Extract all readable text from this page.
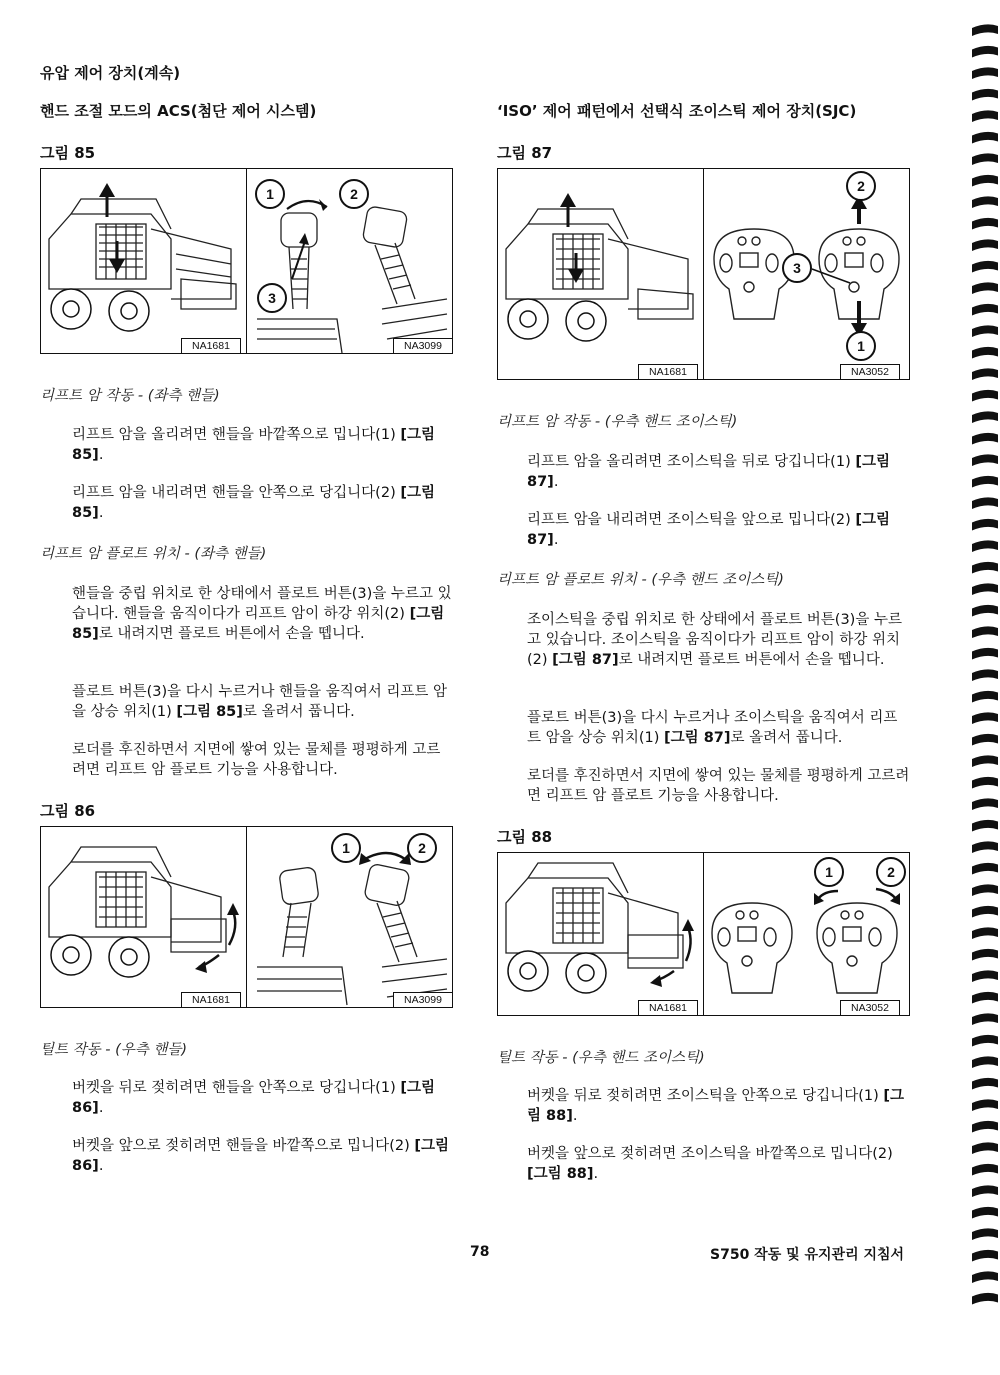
유압 제어 장치(계속)
핸드 조절 모드의 ACS(첨단 제어 시스템)	‘ISO’ 제어 패턴에서 선택식 조이스틱 제어 장치(SJC)
그림 85
NA1681
1	2
3
NA3099
리프트 암 작동 - (좌측 핸들)
리프트 암을 올리려면 핸들을 바깥쪽으로 밉니다(1) [그림 85].
리프트 암을 내리려면 핸들을 안쪽으로 당깁니다(2) [그림 85].
리프트 암 플로트 위치 - (좌측 핸들)
핸들을 중립 위치로 한 상태에서 플로트 버튼(3)을 누르고 있습니다. 핸들을 움직이다가 리프트 암이 하강 위치(2) [그림 85]로 내려지면 플로트 버튼에서 손을 뗍니다.
플로트 버튼(3)을 다시 누르거나 핸들을 움직여서 리프트 암을 상승 위치(1) [그림 85]로 올려서 풉니다.
로더를 후진하면서 지면에 쌓여 있는 물체를 평평하게 고르려면 리프트 암 플로트 기능을 사용합니다.
그림 86
NA1681
1	2
NA3099
틸트 작동 - (우측 핸들)
버켓을 뒤로 젖히려면 핸들을 안쪽으로 당깁니다(1) [그림 86].
버켓을 앞으로 젖히려면 핸들을 바깥쪽으로 밉니다(2) [그림 86].
그림 87
NA1681
2
3
1
NA3052
리프트 암 작동 - (우측 핸드 조이스틱)
리프트 암을 올리려면 조이스틱을 뒤로 당깁니다(1) [그림 87].
리프트 암을 내리려면 조이스틱을 앞으로 밉니다(2) [그림 87].
리프트 암 플로트 위치 - (우측 핸드 조이스틱)
조이스틱을 중립 위치로 한 상태에서 플로트 버튼(3)을 누르고 있습니다. 조이스틱을 움직이다가 리프트 암이 하강 위치(2) [그림 87]로 내려지면 플로트 버튼에서 손을 뗍니다.
플로트 버튼(3)을 다시 누르거나 조이스틱을 움직여서 리프트 암을 상승 위치(1) [그림 87]로 올려서 풉니다.
로더를 후진하면서 지면에 쌓여 있는 물체를 평평하게 고르려면 리프트 암 플로트 기능을 사용합니다.
그림 88
NA1681
1	2
NA3052
틸트 작동 - (우측 핸드 조이스틱)
버켓을 뒤로 젖히려면 조이스틱을 안쪽으로 당깁니다(1) [그림 88].
버켓을 앞으로 젖히려면 조이스틱을 바깥쪽으로 밉니다(2) [그림 88].
78	S750 작동 및 유지관리 지침서
